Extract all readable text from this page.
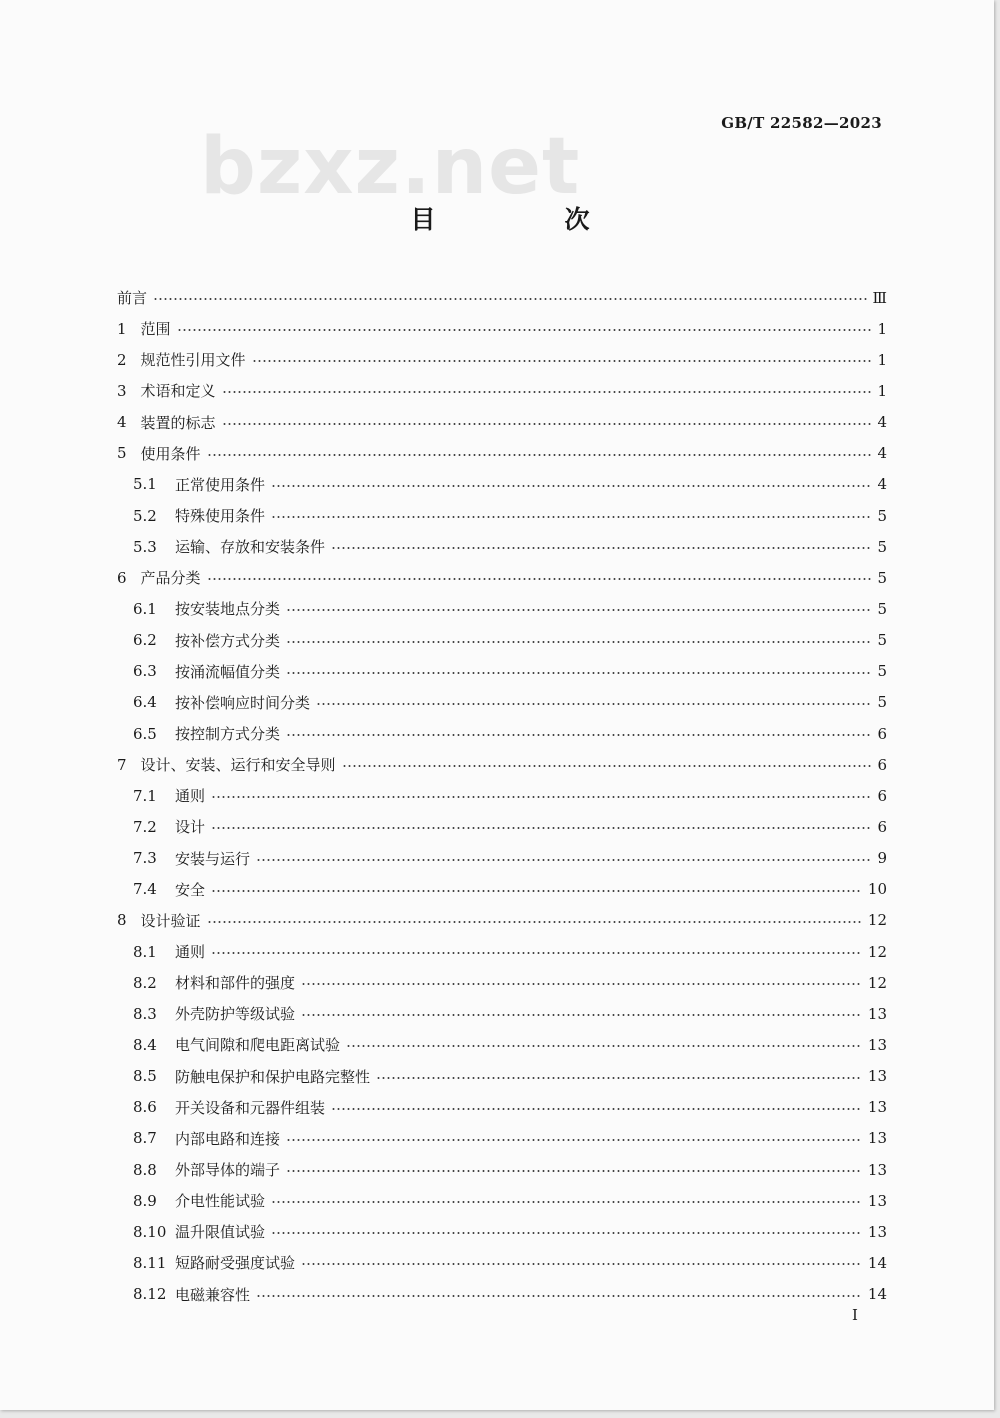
bzxz.net	GB/T 22582—2023
目　次
前言	Ⅲ
1 范围	1
2 规范性引用文件	1
3 术语和定义	1
4 装置的标志	4
5 使用条件	4
5.1	正常使用条件	4
5.2	特殊使用条件	5
5.3	运输、存放和安装条件	5
6 产品分类	5
6.1	按安装地点分类	5
6.2	按补偿方式分类	5
6.3	按涌流幅值分类	5
6.4	按补偿响应时间分类	5
6.5	按控制方式分类	6
7 设计、安装、运行和安全导则	6
7.1	通则	6
7.2	设计	6
7.3	安装与运行	9
7.4	安全	10
8 设计验证	12
8.1	通则	12
8.2	材料和部件的强度	12
8.3	外壳防护等级试验	13
8.4	电气间隙和爬电距离试验	13
8.5	防触电保护和保护电路完整性	13
8.6	开关设备和元器件组装	13
8.7	内部电路和连接	13
8.8	外部导体的端子	13
8.9	介电性能试验	13
8.10 温升限值试验	13
8.11 短路耐受强度试验	14
8.12 电磁兼容性	14
I
